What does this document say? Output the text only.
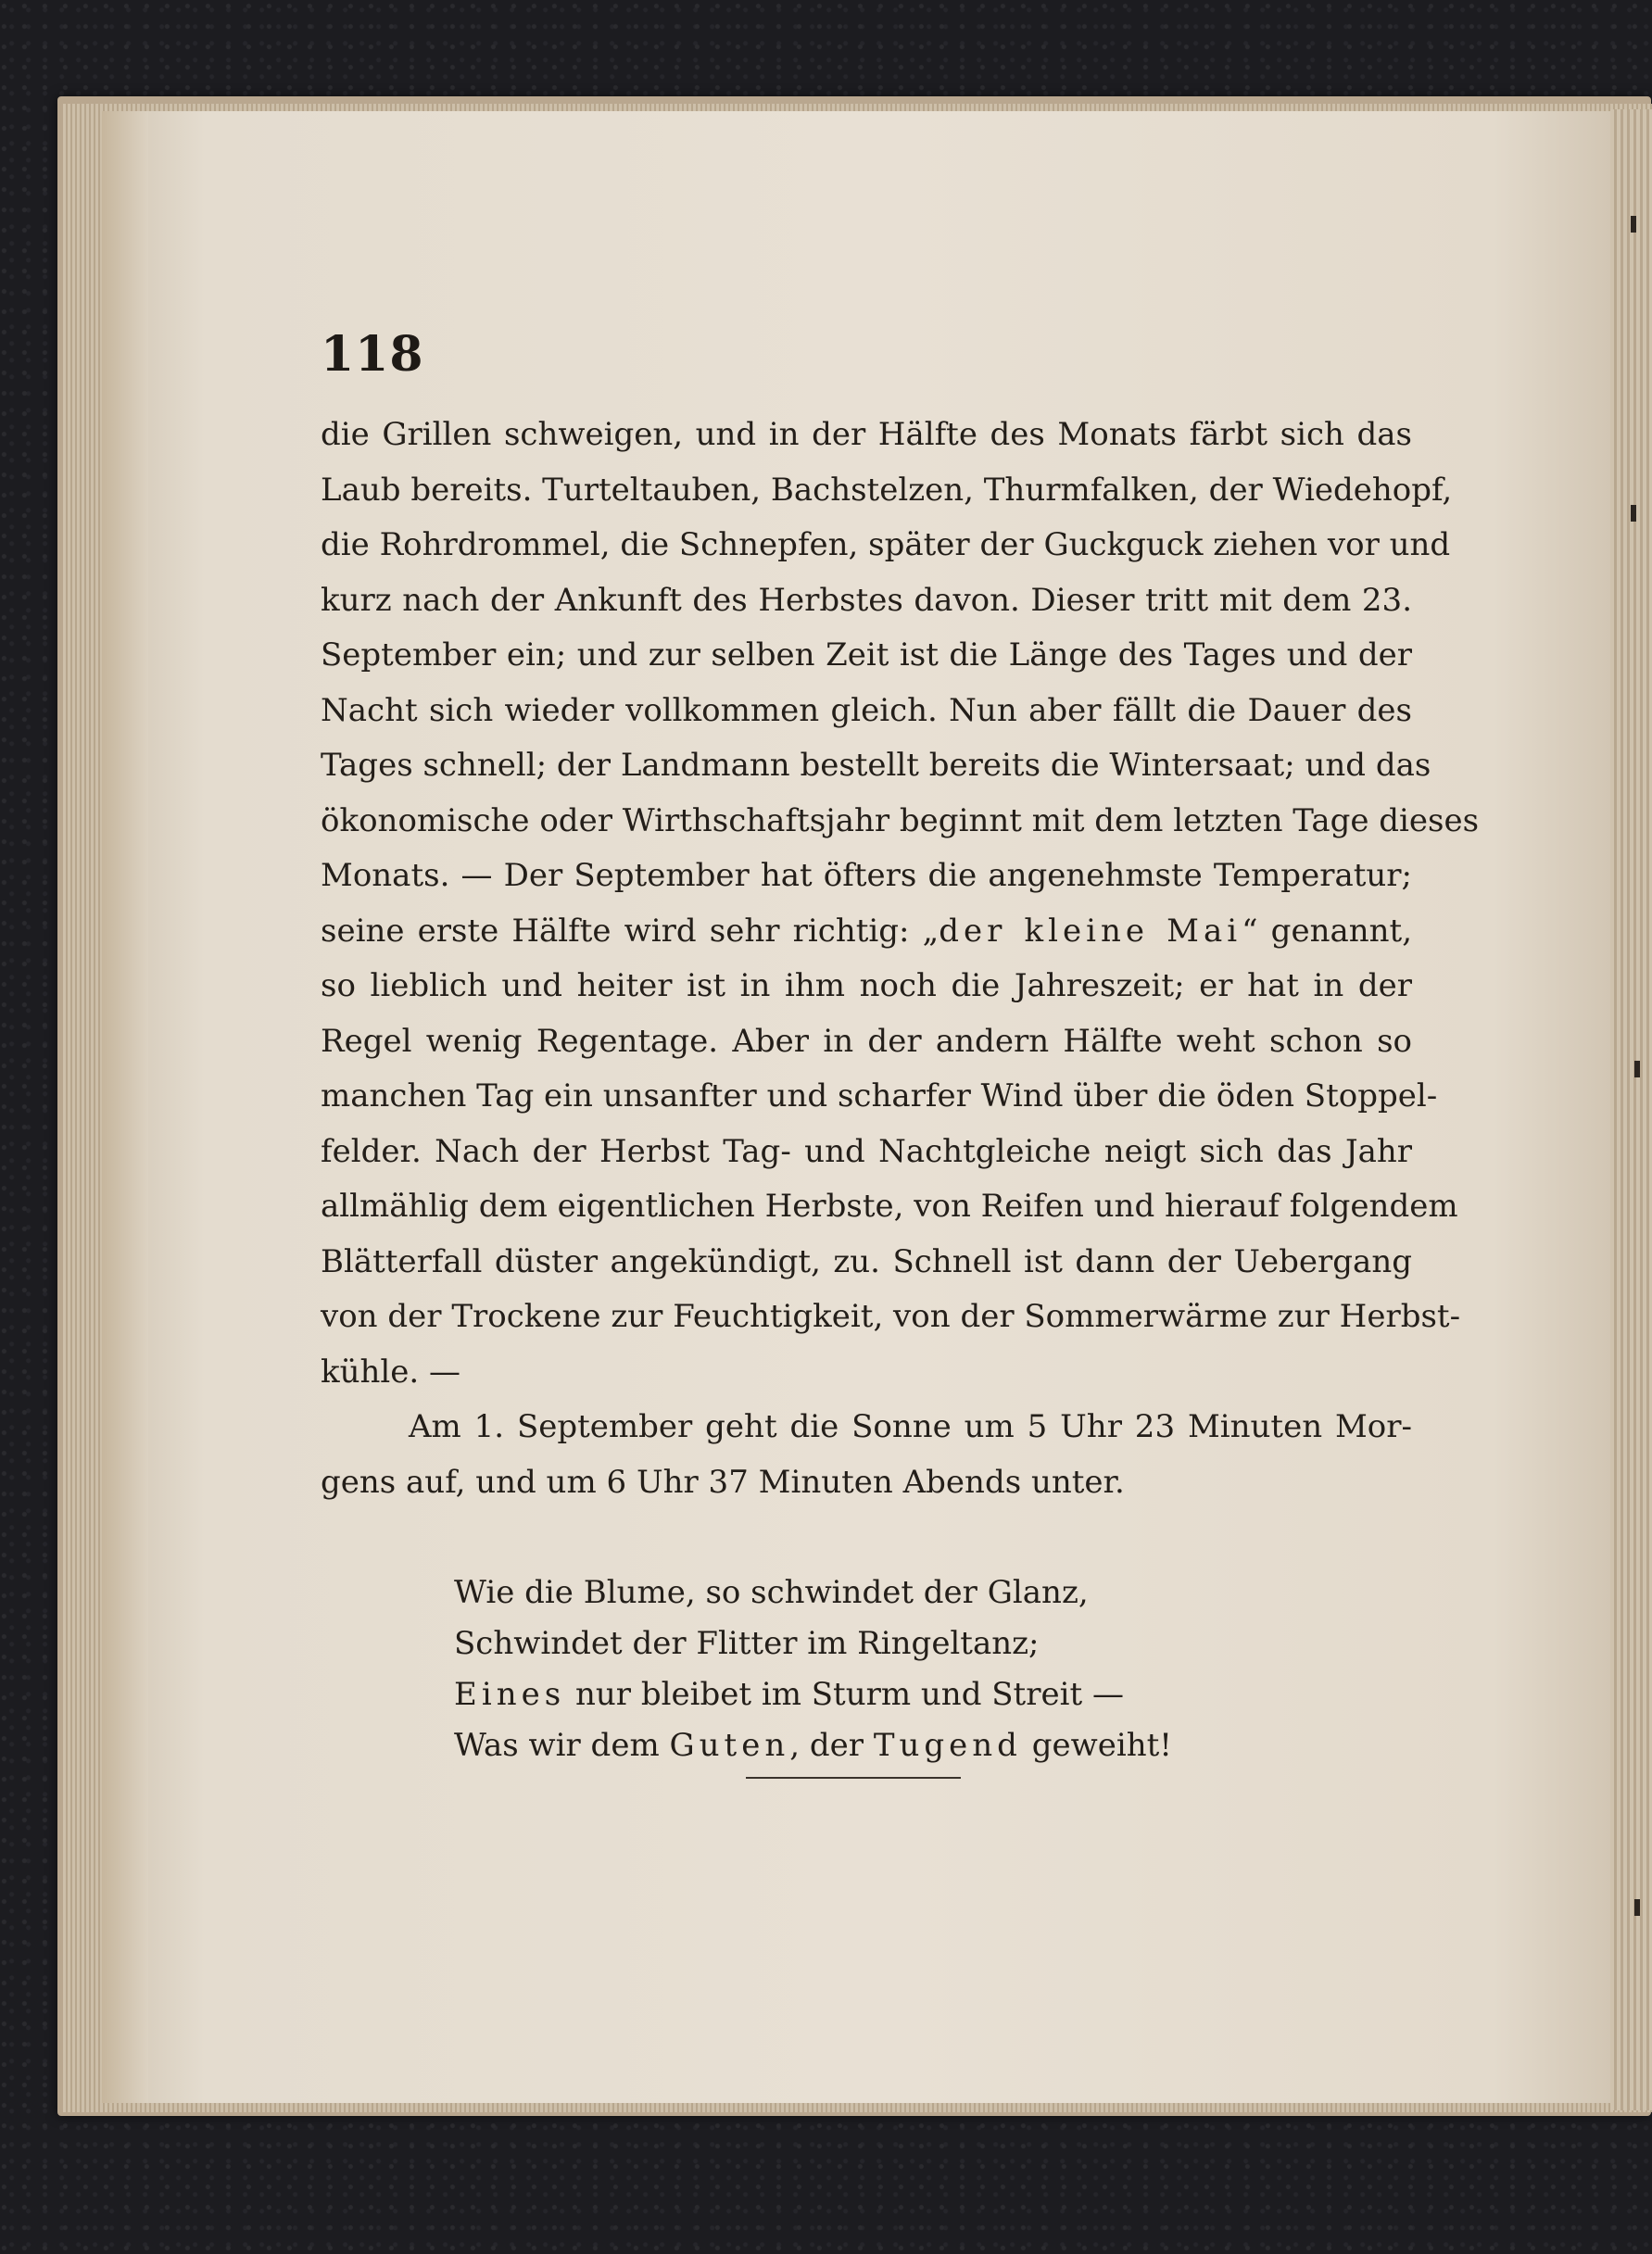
118
die Grillen schweigen, und in der Hälfte des Monats färbt sich das
Laub bereits. Turteltauben, Bachstelzen, Thurmfalken, der Wiedehopf,
die Rohrdrommel, die Schnepfen, später der Guckguck ziehen vor und
kurz nach der Ankunft des Herbstes davon. Dieser tritt mit dem 23.
September ein; und zur selben Zeit ist die Länge des Tages und der
Nacht sich wieder vollkommen gleich. Nun aber fällt die Dauer des
Tages schnell; der Landmann bestellt bereits die Wintersaat; und das
ökonomische oder Wirthschaftsjahr beginnt mit dem letzten Tage dieses
Monats. — Der September hat öfters die angenehmste Temperatur;
seine erste Hälfte wird sehr richtig: „der kleine Mai“ genannt,
so lieblich und heiter ist in ihm noch die Jahreszeit; er hat in der
Regel wenig Regentage. Aber in der andern Hälfte weht schon so
manchen Tag ein unsanfter und scharfer Wind über die öden Stoppel-
felder. Nach der Herbst Tag- und Nachtgleiche neigt sich das Jahr
allmählig dem eigentlichen Herbste, von Reifen und hierauf folgendem
Blätterfall düster angekündigt, zu. Schnell ist dann der Uebergang
von der Trockene zur Feuchtigkeit, von der Sommerwärme zur Herbst-
kühle. —
Am 1. September geht die Sonne um 5 Uhr 23 Minuten Mor-
gens auf, und um 6 Uhr 37 Minuten Abends unter.
Wie die Blume, so schwindet der Glanz,
Schwindet der Flitter im Ringeltanz;
Eines nur bleibet im Sturm und Streit —
Was wir dem Guten, der Tugend geweiht!
